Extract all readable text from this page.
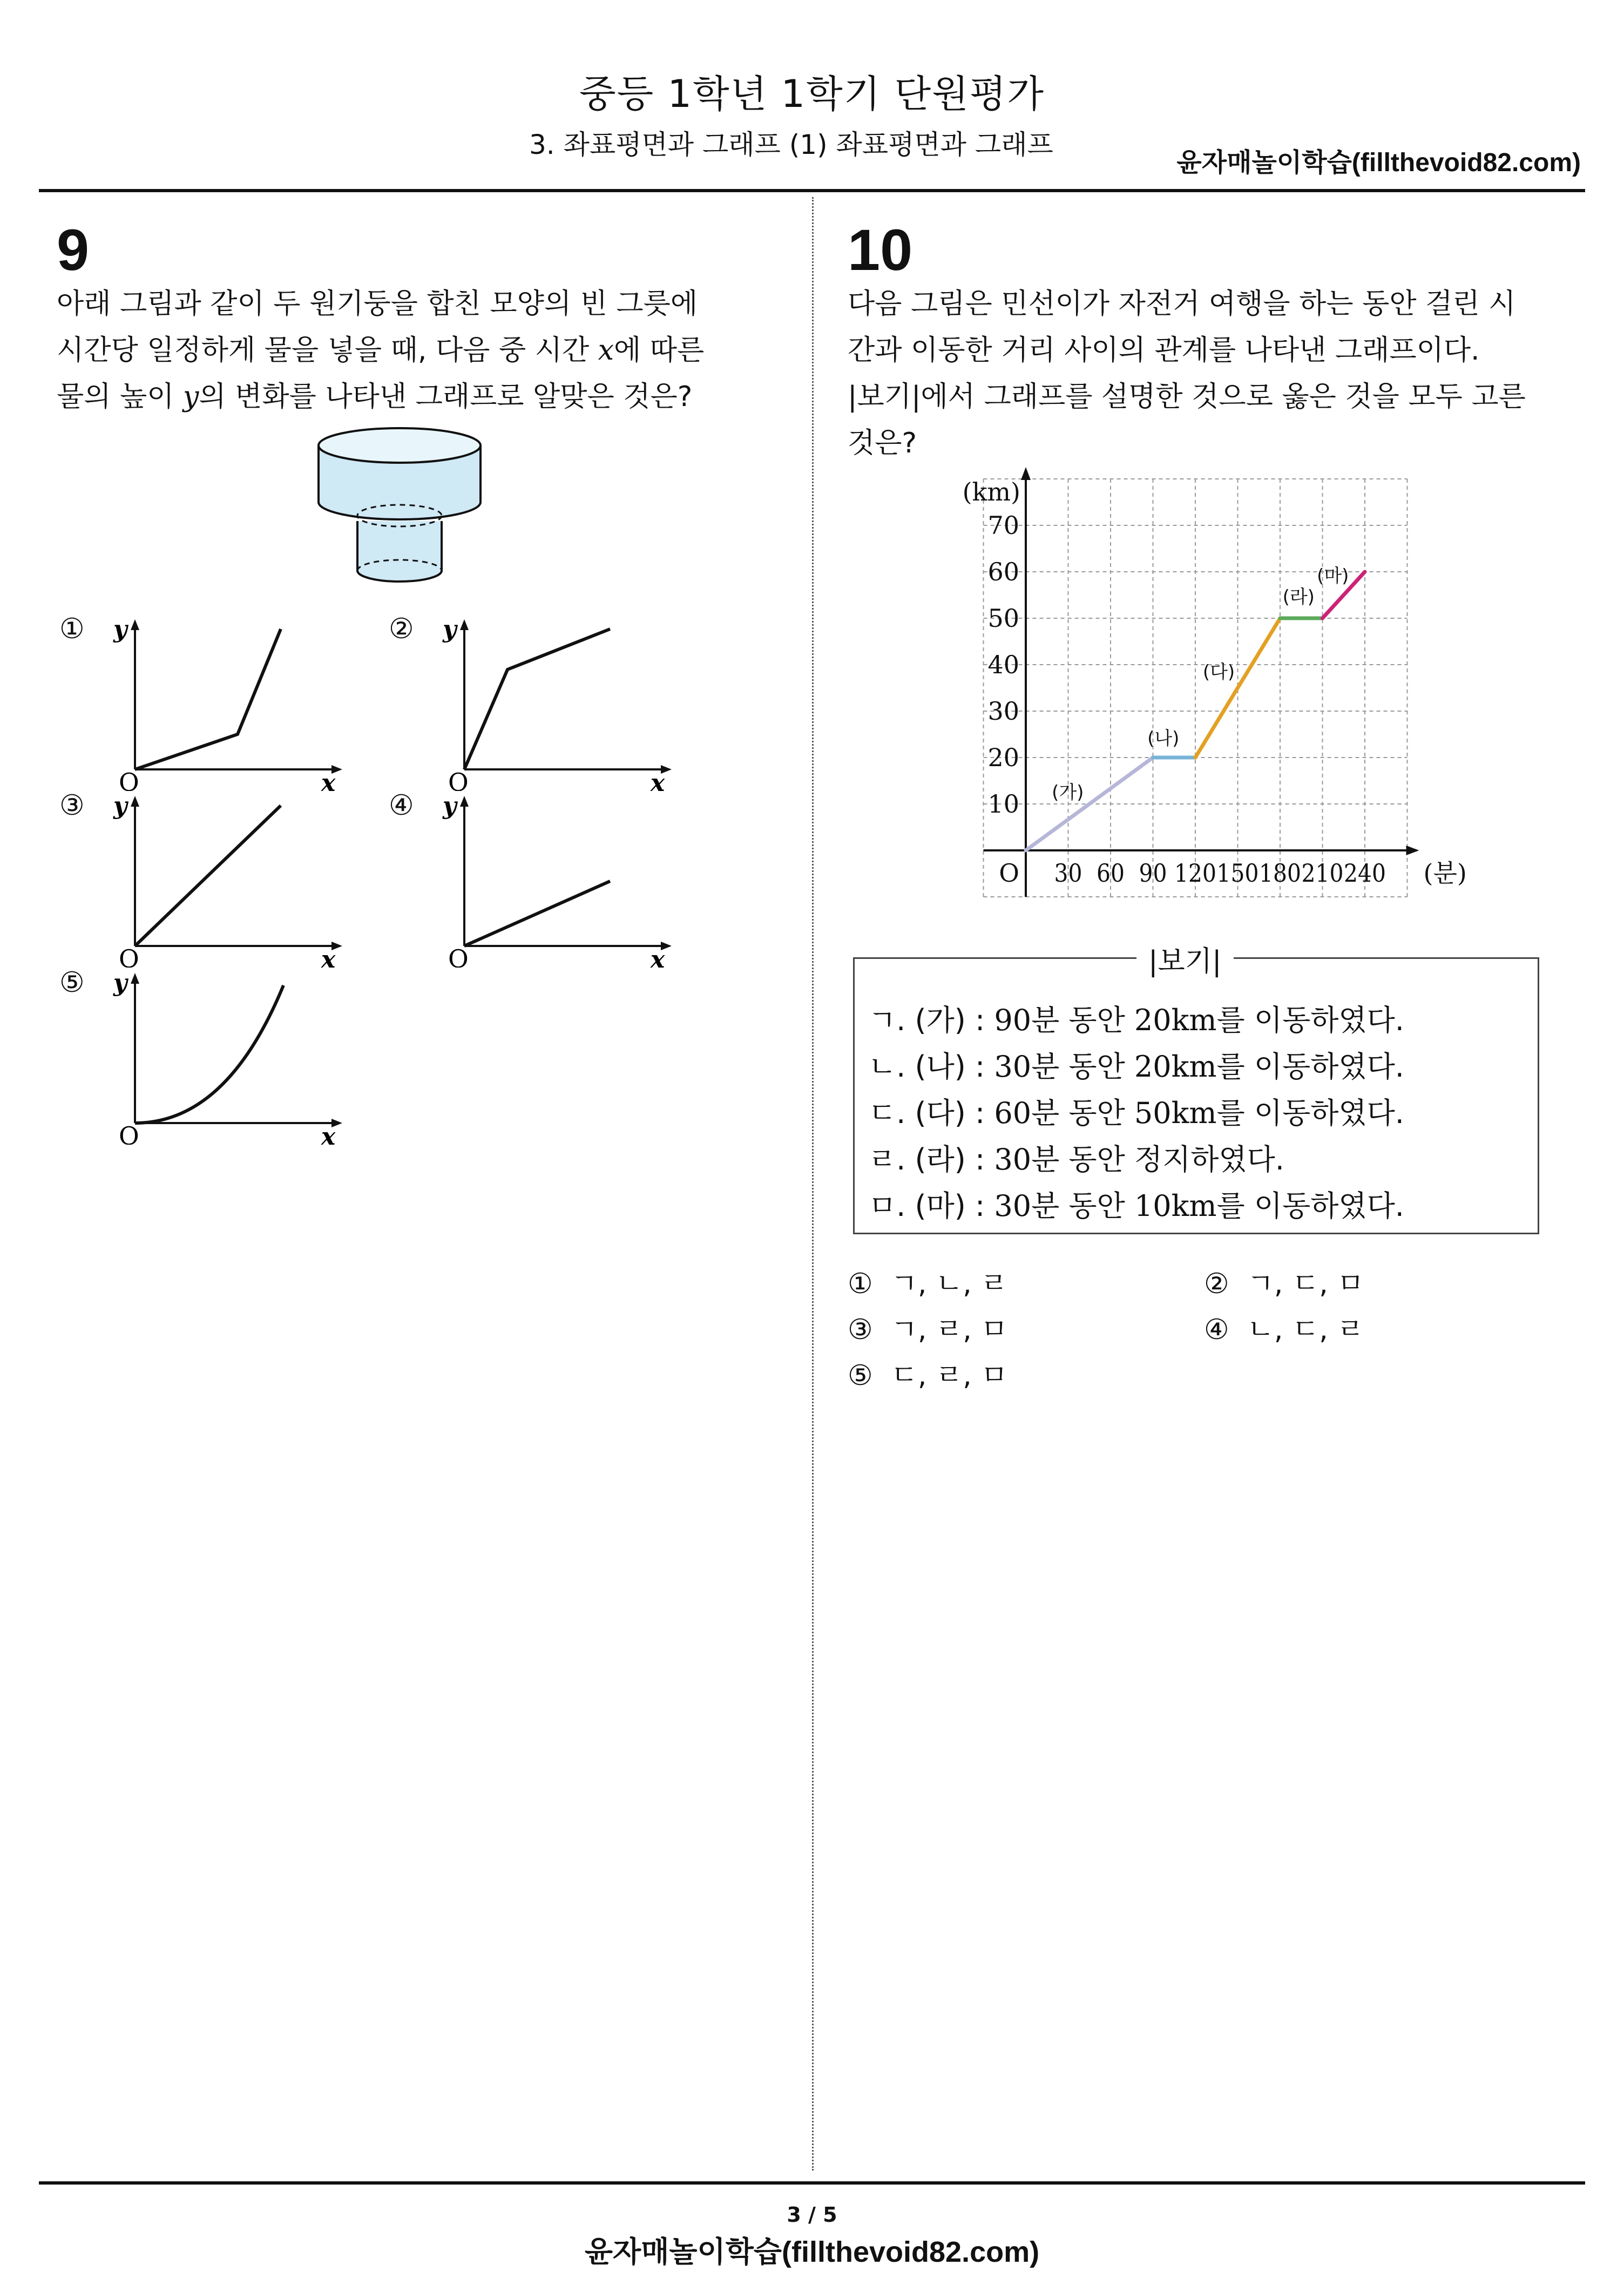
중등 1학년 1학기 단원평가
3. 좌표평면과 그래프 (1) 좌표평면과 그래프
윤자매놀이학습(fillthevoid82.com)
9
아래 그림과 같이 두 원기둥을 합친 모양의 빈 그릇에
시간당 일정하게 물을 넣을 때, 다음 중 시간 x에 따른
물의 높이 y의 변화를 나타낸 그래프로 알맞은 것은?
① y
O	x
② y
O	x
③ y
O	x
④ y
O	x
⑤ y
O	x
10
다음 그림은 민선이가 자전거 여행을 하는 동안 걸린 시
간과 이동한 거리 사이의 관계를 나타낸 그래프이다.
|보기|에서 그래프를 설명한 것으로 옳은 것을 모두 고른
것은?
10
20
30
40
50
60
70
30 60 90 120 150 180 210 240
O
(km)
(분)
(가)
(나)
(다)
(라)
(마)
|보기|
ㄱ. (가) : 90분 동안 20km를 이동하였다.
ㄴ. (나) : 30분 동안 20km를 이동하였다.
ㄷ. (다) : 60분 동안 50km를 이동하였다.
ㄹ. (라) : 30분 동안 정지하였다.
ㅁ. (마) : 30분 동안 10km를 이동하였다.
① ㄱ, ㄴ, ㄹ	② ㄱ, ㄷ, ㅁ
③ ㄱ, ㄹ, ㅁ	④ ㄴ, ㄷ, ㄹ
⑤ ㄷ, ㄹ, ㅁ
3 / 5
윤자매놀이학습(fillthevoid82.com)
